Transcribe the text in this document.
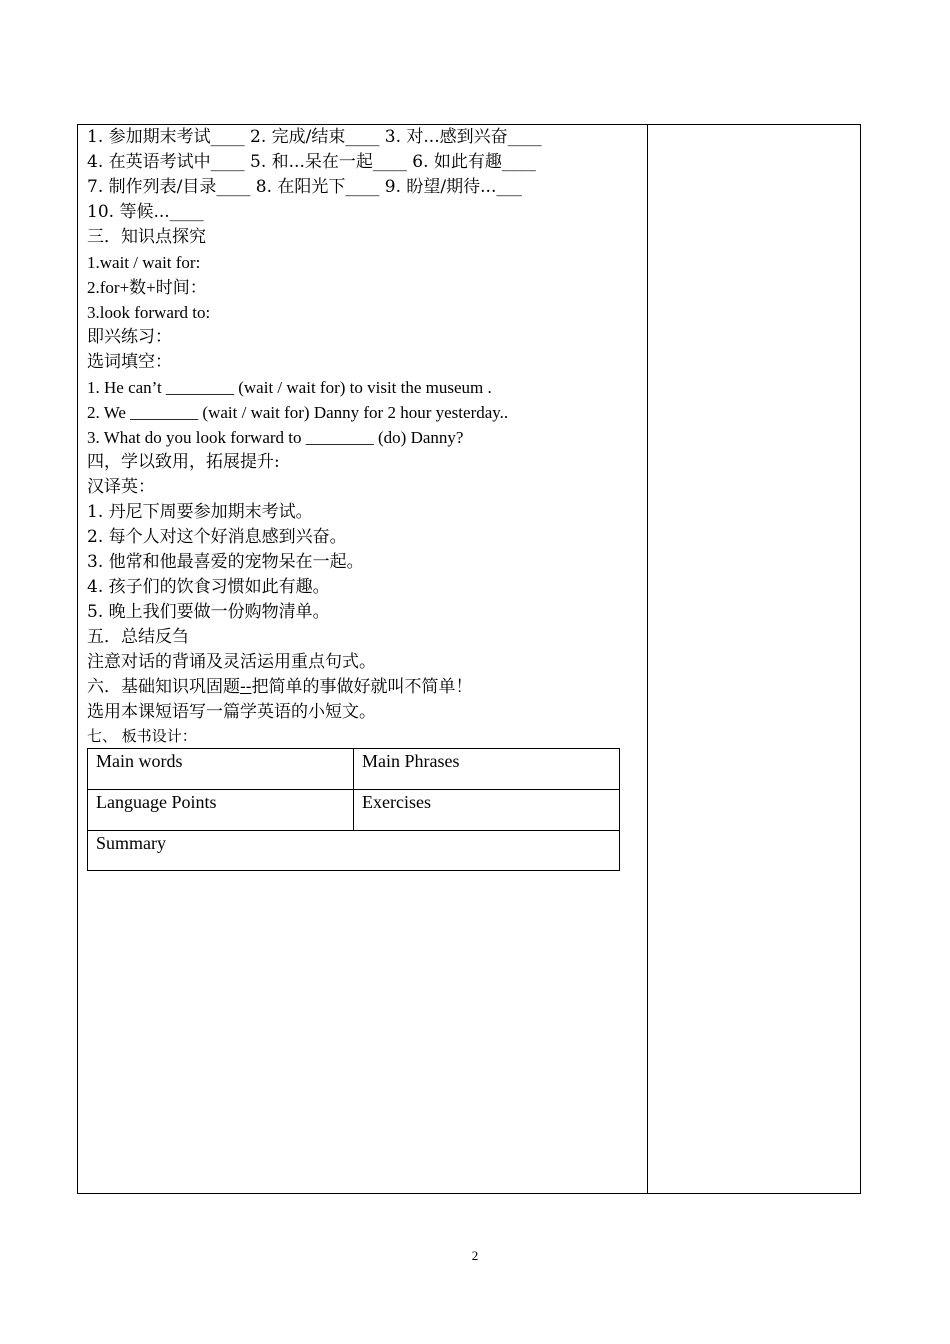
1. 参加期末考试____ 2. 完成/结束____ 3. 对...感到兴奋____
4. 在英语考试中____ 5. 和...呆在一起____ 6. 如此有趣____
7. 制作列表/目录____ 8. 在阳光下____ 9. 盼望/期待...___
10. 等候...____
三．知识点探究
1.wait / wait for:
2.for+数+时间：
3.look forward to:
即兴练习：
选词填空：
1. He can’t ________ (wait / wait for) to visit the museum .
2. We ________ (wait / wait for) Danny for 2 hour yesterday..
3. What do you look forward to ________ (do) Danny?
四，学以致用，拓展提升:
汉译英：
1. 丹尼下周要参加期末考试。
2. 每个人对这个好消息感到兴奋。
3. 他常和他最喜爱的宠物呆在一起。
4. 孩子们的饮食习惯如此有趣。
5. 晚上我们要做一份购物清单。
五．总结反刍
注意对话的背诵及灵活运用重点句式。
六．基础知识巩固题--把简单的事做好就叫不简单！
选用本课短语写一篇学英语的小短文。
七、 板书设计：
Main words	Main Phrases
Language Points	Exercises
Summary
2
